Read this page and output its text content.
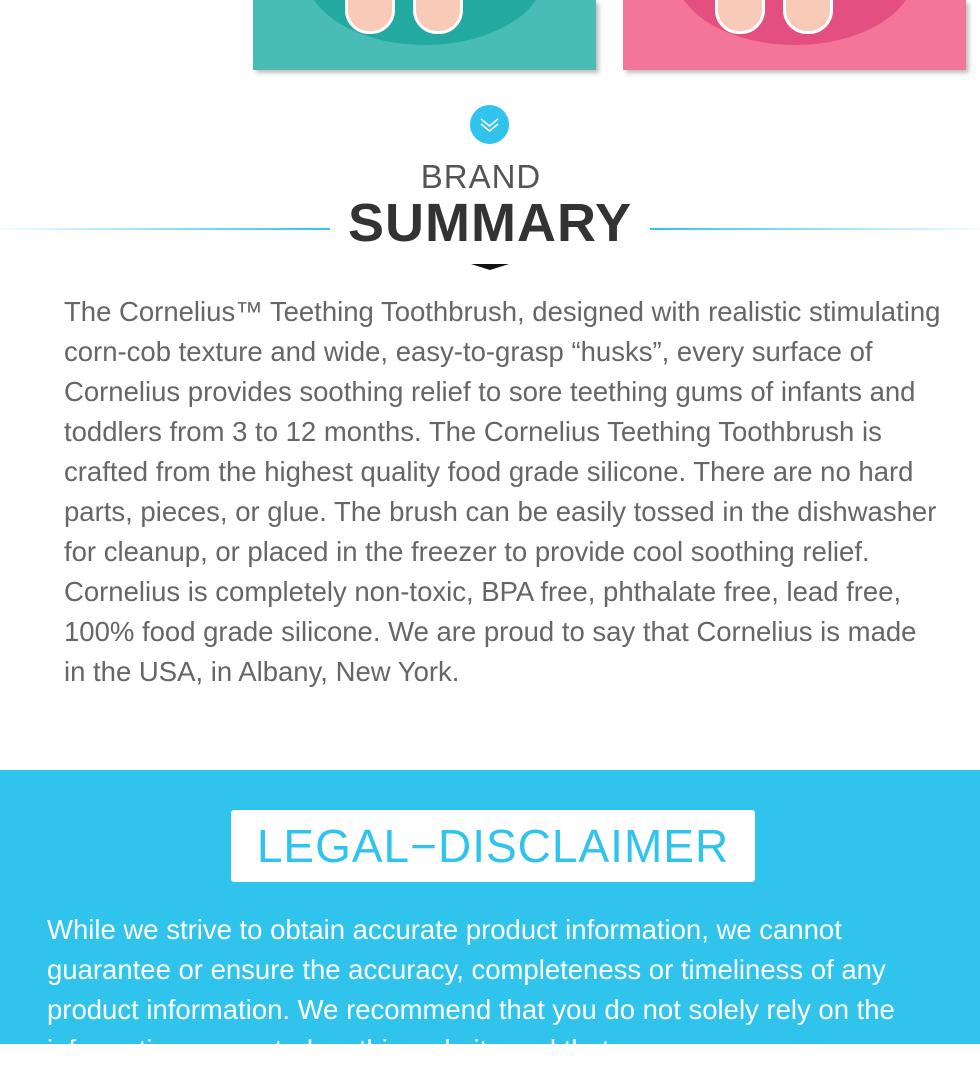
BRAND
SUMMARY

The Cornelius™ Teething Toothbrush, designed with realistic stimulating corn-cob texture and wide, easy-to-grasp “husks”, every surface of Cornelius provides soothing relief to sore teething gums of infants and toddlers from 3 to 12 months. The Cornelius Teething Toothbrush is crafted from the highest quality food grade silicone. There are no hard parts, pieces, or glue. The brush can be easily tossed in the dishwasher for cleanup, or placed in the freezer to provide cool soothing relief. Cornelius is completely non-toxic, BPA free, phthalate free, lead free, 100% food grade silicone. We are proud to say that Cornelius is made in the USA, in Albany, New York.

LEGAL−DISCLAIMER

While we strive to obtain accurate product information, we cannot guarantee or ensure the accuracy, completeness or timeliness of any product information. We recommend that you do not solely rely on the information presented on this website and that you
